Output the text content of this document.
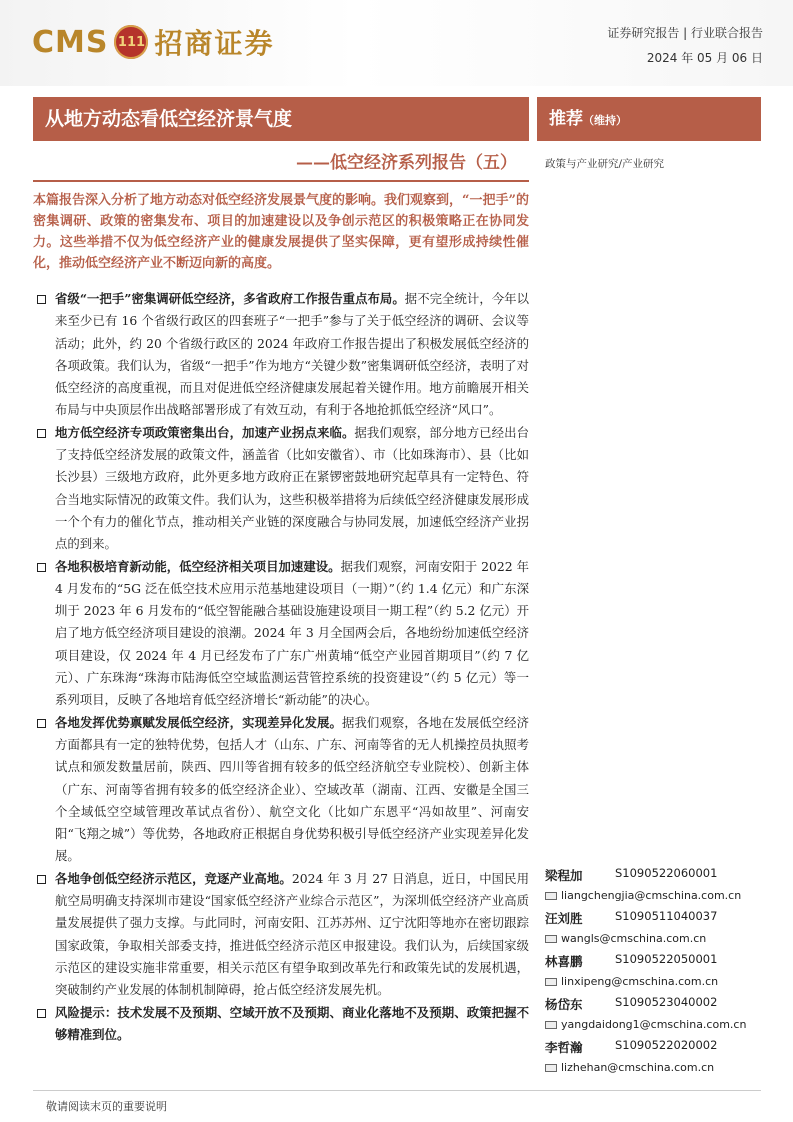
CMS 111 招商证券	证券研究报告 | 行业联合报告
2024 年 05 月 06 日
从地方动态看低空经济景气度
——低空经济系列报告（五）
推荐（维持）
政策与产业研究/产业研究
本篇报告深入分析了地方动态对低空经济发展景气度的影响。我们观察到，“一把手”的密集调研、政策的密集发布、项目的加速建设以及争创示范区的积极策略正在协同发力。这些举措不仅为低空经济产业的健康发展提供了坚实保障，更有望形成持续性催化，推动低空经济产业不断迈向新的高度。

省级“一把手”密集调研低空经济，多省政府工作报告重点布局。据不完全统计，今年以来至少已有 16 个省级行政区的四套班子“一把手”参与了关于低空经济的调研、会议等活动；此外，约 20 个省级行政区的 2024 年政府工作报告提出了积极发展低空经济的各项政策。我们认为，省级“一把手”作为地方“关键少数”密集调研低空经济，表明了对低空经济的高度重视，而且对促进低空经济健康发展起着关键作用。地方前瞻展开相关布局与中央顶层作出战略部署形成了有效互动，有利于各地抢抓低空经济“风口”。

地方低空经济专项政策密集出台，加速产业拐点来临。据我们观察，部分地方已经出台了支持低空经济发展的政策文件，涵盖省（比如安徽省）、市（比如珠海市）、县（比如长沙县）三级地方政府，此外更多地方政府正在紧锣密鼓地研究起草具有一定特色、符合当地实际情况的政策文件。我们认为，这些积极举措将为后续低空经济健康发展形成一个个有力的催化节点，推动相关产业链的深度融合与协同发展，加速低空经济产业拐点的到来。

各地积极培育新动能，低空经济相关项目加速建设。据我们观察，河南安阳于 2022 年 4 月发布的“5G 泛在低空技术应用示范基地建设项目（一期）”（约 1.4 亿元）和广东深圳于 2023 年 6 月发布的“低空智能融合基础设施建设项目一期工程”（约 5.2 亿元）开启了地方低空经济项目建设的浪潮。2024 年 3 月全国两会后，各地纷纷加速低空经济项目建设，仅 2024 年 4 月已经发布了广东广州黄埔“低空产业园首期项目”（约 7 亿元）、广东珠海“珠海市陆海低空空域监测运营管控系统的投资建设”（约 5 亿元）等一系列项目，反映了各地培育低空经济增长“新动能”的决心。

各地发挥优势禀赋发展低空经济，实现差异化发展。据我们观察，各地在发展低空经济方面都具有一定的独特优势，包括人才（山东、广东、河南等省的无人机操控员执照考试点和颁发数量居前，陕西、四川等省拥有较多的低空经济航空专业院校）、创新主体（广东、河南等省拥有较多的低空经济企业）、空域改革（湖南、江西、安徽是全国三个全域低空空域管理改革试点省份）、航空文化（比如广东恩平“冯如故里”、河南安阳“飞翔之城”）等优势，各地政府正根据自身优势积极引导低空经济产业实现差异化发展。

各地争创低空经济示范区，竞逐产业高地。2024 年 3 月 27 日消息，近日，中国民用航空局明确支持深圳市建设“国家低空经济产业综合示范区”，为深圳低空经济产业高质量发展提供了强力支撑。与此同时，河南安阳、江苏苏州、辽宁沈阳等地亦在密切跟踪国家政策，争取相关部委支持，推进低空经济示范区申报建设。我们认为，后续国家级示范区的建设实施非常重要，相关示范区有望争取到改革先行和政策先试的发展机遇，突破制约产业发展的体制机制障碍，抢占低空经济发展先机。

风险提示：技术发展不及预期、空域开放不及预期、商业化落地不及预期、政策把握不够精准到位。

梁程加	S1090522060001
liangchengjia@cmschina.com.cn
汪刘胜	S1090511040037
wangls@cmschina.com.cn
林喜鹏	S1090522050001
linxipeng@cmschina.com.cn
杨岱东	S1090523040002
yangdaidong1@cmschina.com.cn
李哲瀚	S1090522020002
lizhehan@cmschina.com.cn
敬请阅读末页的重要说明
